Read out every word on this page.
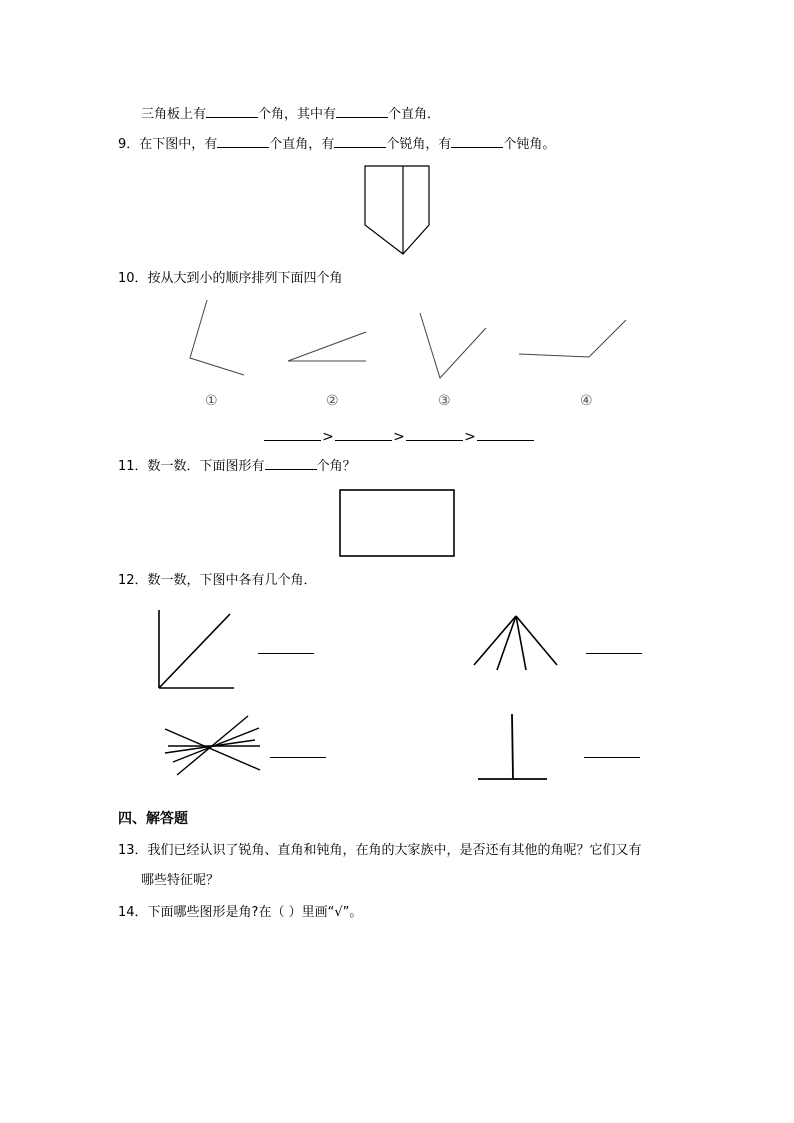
三角板上有	个角，其中有	个直角．
9．在下图中，有	个直角，有	个锐角，有	个钝角。
10．按从大到小的顺序排列下面四个角
①	②	③	④
>	>	>
11．数一数．下面图形有	个角？
12．数一数，下图中各有几个角．
四、解答题
13．我们已经认识了锐角、直角和钝角，在角的大家族中，是否还有其他的角呢？它们又有
哪些特征呢？
14．下面哪些图形是角?在（ ）里画“√”。
